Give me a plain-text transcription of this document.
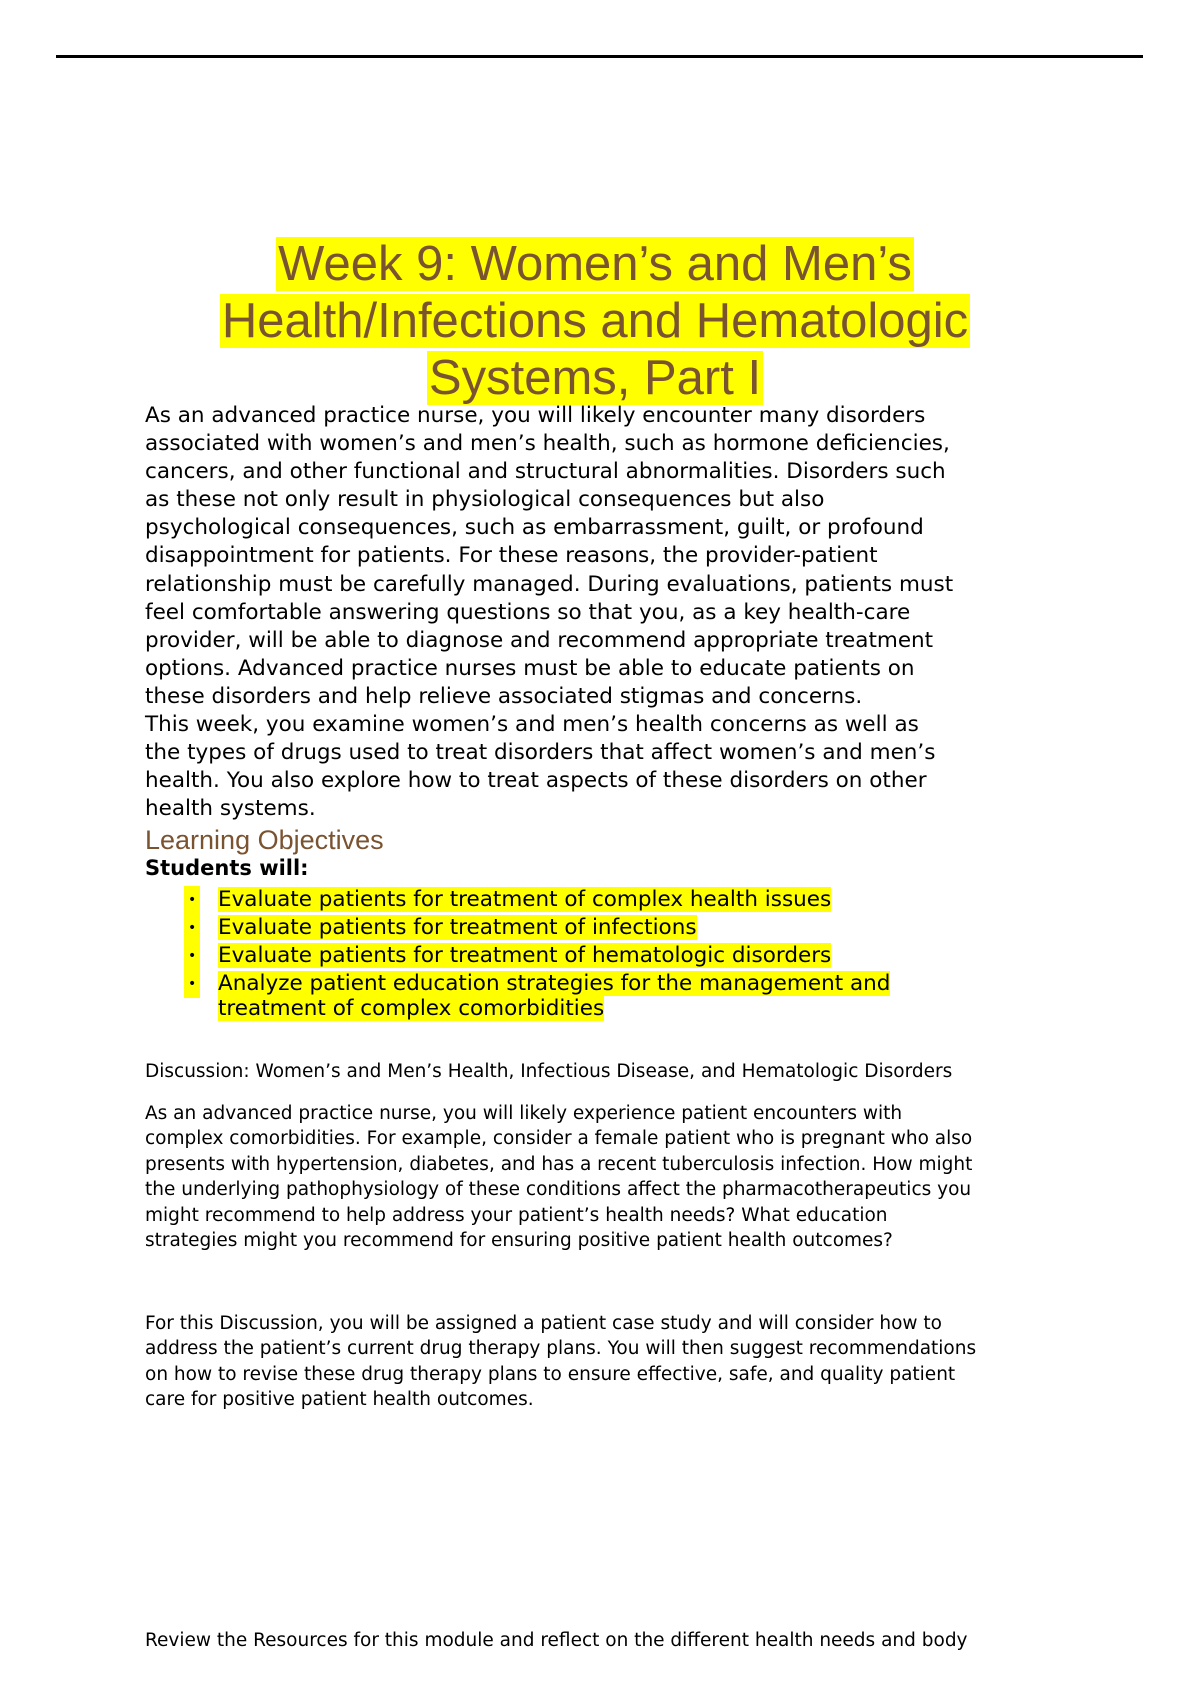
Week 9: Women’s and Men’s
Health/Infections and Hematologic
Systems, Part I
As an advanced practice nurse, you will likely encounter many disorders
associated with women’s and men’s health, such as hormone deficiencies,
cancers, and other functional and structural abnormalities. Disorders such
as these not only result in physiological consequences but also
psychological consequences, such as embarrassment, guilt, or profound
disappointment for patients. For these reasons, the provider-patient
relationship must be carefully managed. During evaluations, patients must
feel comfortable answering questions so that you, as a key health-care
provider, will be able to diagnose and recommend appropriate treatment
options. Advanced practice nurses must be able to educate patients on
these disorders and help relieve associated stigmas and concerns.
This week, you examine women’s and men’s health concerns as well as
the types of drugs used to treat disorders that affect women’s and men’s
health. You also explore how to treat aspects of these disorders on other
health systems.
Learning Objectives
Students will:
• Evaluate patients for treatment of complex health issues
• Evaluate patients for treatment of infections
• Evaluate patients for treatment of hematologic disorders
• Analyze patient education strategies for the management and
treatment of complex comorbidities
Discussion: Women’s and Men’s Health, Infectious Disease, and Hematologic Disorders
As an advanced practice nurse, you will likely experience patient encounters with
complex comorbidities. For example, consider a female patient who is pregnant who also
presents with hypertension, diabetes, and has a recent tuberculosis infection. How might
the underlying pathophysiology of these conditions affect the pharmacotherapeutics you
might recommend to help address your patient’s health needs? What education
strategies might you recommend for ensuring positive patient health outcomes?
For this Discussion, you will be assigned a patient case study and will consider how to
address the patient’s current drug therapy plans. You will then suggest recommendations
on how to revise these drug therapy plans to ensure effective, safe, and quality patient
care for positive patient health outcomes.
Review the Resources for this module and reflect on the different health needs and body
